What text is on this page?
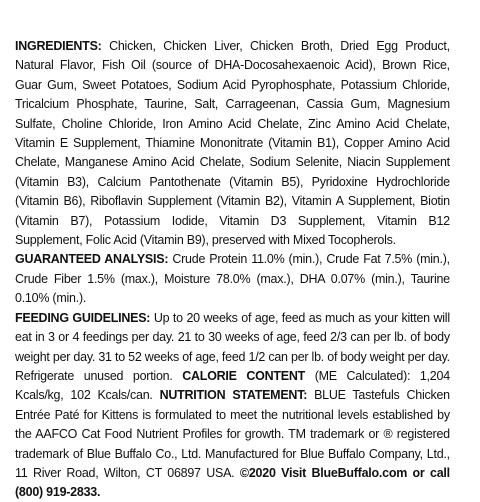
INGREDIENTS: Chicken, Chicken Liver, Chicken Broth, Dried Egg Product, Natural Flavor, Fish Oil (source of DHA-Docosahexaenoic Acid), Brown Rice, Guar Gum, Sweet Potatoes, Sodium Acid Pyrophosphate, Potassium Chloride, Tricalcium Phosphate, Taurine, Salt, Carrageenan, Cassia Gum, Magnesium Sulfate, Choline Chloride, Iron Amino Acid Chelate, Zinc Amino Acid Chelate, Vitamin E Supplement, Thiamine Mononitrate (Vitamin B1), Copper Amino Acid Chelate, Manganese Amino Acid Chelate, Sodium Selenite, Niacin Supplement (Vitamin B3), Calcium Pantothenate (Vitamin B5), Pyridoxine Hydrochloride (Vitamin B6), Riboflavin Supplement (Vitamin B2), Vitamin A Supplement, Biotin (Vitamin B7), Potassium Iodide, Vitamin D3 Supplement, Vitamin B12 Supplement, Folic Acid (Vitamin B9), preserved with Mixed Tocopherols.
GUARANTEED ANALYSIS: Crude Protein 11.0% (min.), Crude Fat 7.5% (min.), Crude Fiber 1.5% (max.), Moisture 78.0% (max.), DHA 0.07% (min.), Taurine 0.10% (min.).
FEEDING GUIDELINES: Up to 20 weeks of age, feed as much as your kitten will eat in 3 or 4 feedings per day. 21 to 30 weeks of age, feed 2/3 can per lb. of body weight per day. 31 to 52 weeks of age, feed 1/2 can per lb. of body weight per day. Refrigerate unused portion. CALORIE CONTENT (ME Calculated): 1,204 Kcals/kg, 102 Kcals/can. NUTRITION STATEMENT: BLUE Tastefuls Chicken Entrée Paté for Kittens is formulated to meet the nutritional levels established by the AAFCO Cat Food Nutrient Profiles for growth. TM trademark or ® registered trademark of Blue Buffalo Co., Ltd. Manufactured for Blue Buffalo Company, Ltd., 11 River Road, Wilton, CT 06897 USA. ©2020 Visit BlueBuffalo.com or call (800) 919-2833.
